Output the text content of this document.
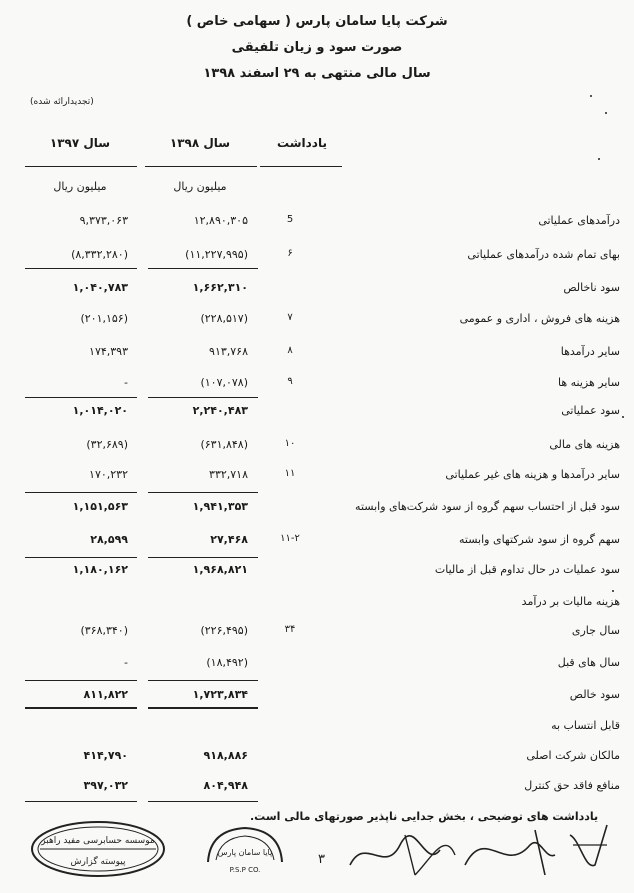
شرکت پایا سامان پارس ( سهامی خاص )
صورت سود و زیان تلفیقی
سال مالی منتهی به ۲۹ اسفند ۱۳۹۸
(تجدیدارائه شده)
یادداشت
سال ۱۳۹۸
سال ۱۳۹۷
میلیون ریال
میلیون ریال
درآمدهای عملیاتی
5
۱۲,۸۹۰,۳۰۵
۹,۳۷۳,۰۶۳
بهای تمام شده درآمدهای عملیاتی
۶
(۱۱,۲۲۷,۹۹۵)
(۸,۳۳۲,۲۸۰)
سود ناخالص
۱,۶۶۲,۳۱۰
۱,۰۴۰,۷۸۳
هزینه های فروش ، اداری و عمومی
۷
(۲۲۸,۵۱۷)
(۲۰۱,۱۵۶)
سایر درآمدها
۸
۹۱۳,۷۶۸
۱۷۴,۳۹۳
سایر هزینه ها
۹
(۱۰۷,۰۷۸)
-
سود عملیاتی
۲,۲۴۰,۴۸۳
۱,۰۱۴,۰۲۰
هزینه های مالی
۱۰
(۶۳۱,۸۴۸)
(۳۲,۶۸۹)
سایر درآمدها و هزینه های غیر عملیاتی
۱۱
۳۳۲,۷۱۸
۱۷۰,۲۳۲
سود قبل از احتساب سهم گروه از سود شرکت‌های وابسته
۱,۹۴۱,۳۵۳
۱,۱۵۱,۵۶۳
سهم گروه از سود شرکتهای وابسته
۱۱-۲
۲۷,۴۶۸
۲۸,۵۹۹
سود عملیات در حال تداوم قبل از مالیات
۱,۹۶۸,۸۲۱
۱,۱۸۰,۱۶۲
هزینه مالیات بر درآمد
سال جاری
۳۴
(۲۲۶,۴۹۵)
(۳۶۸,۳۴۰)
سال های قبل
(۱۸,۴۹۲)
-
سود خالص
۱,۷۲۳,۸۳۴
۸۱۱,۸۲۲
قابل انتساب به
مالکان شرکت اصلی
۹۱۸,۸۸۶
۴۱۴,۷۹۰
منافع فاقد حق کنترل
۸۰۴,۹۴۸
۳۹۷,۰۳۲
یادداشت های توضیحی ، بخش جدایی ناپذیر صورتهای مالی است.
موسسه حسابرسی مفید راهبر
پیوسته گزارش
پایا سامان پارس
P.S.P CO.
۳
